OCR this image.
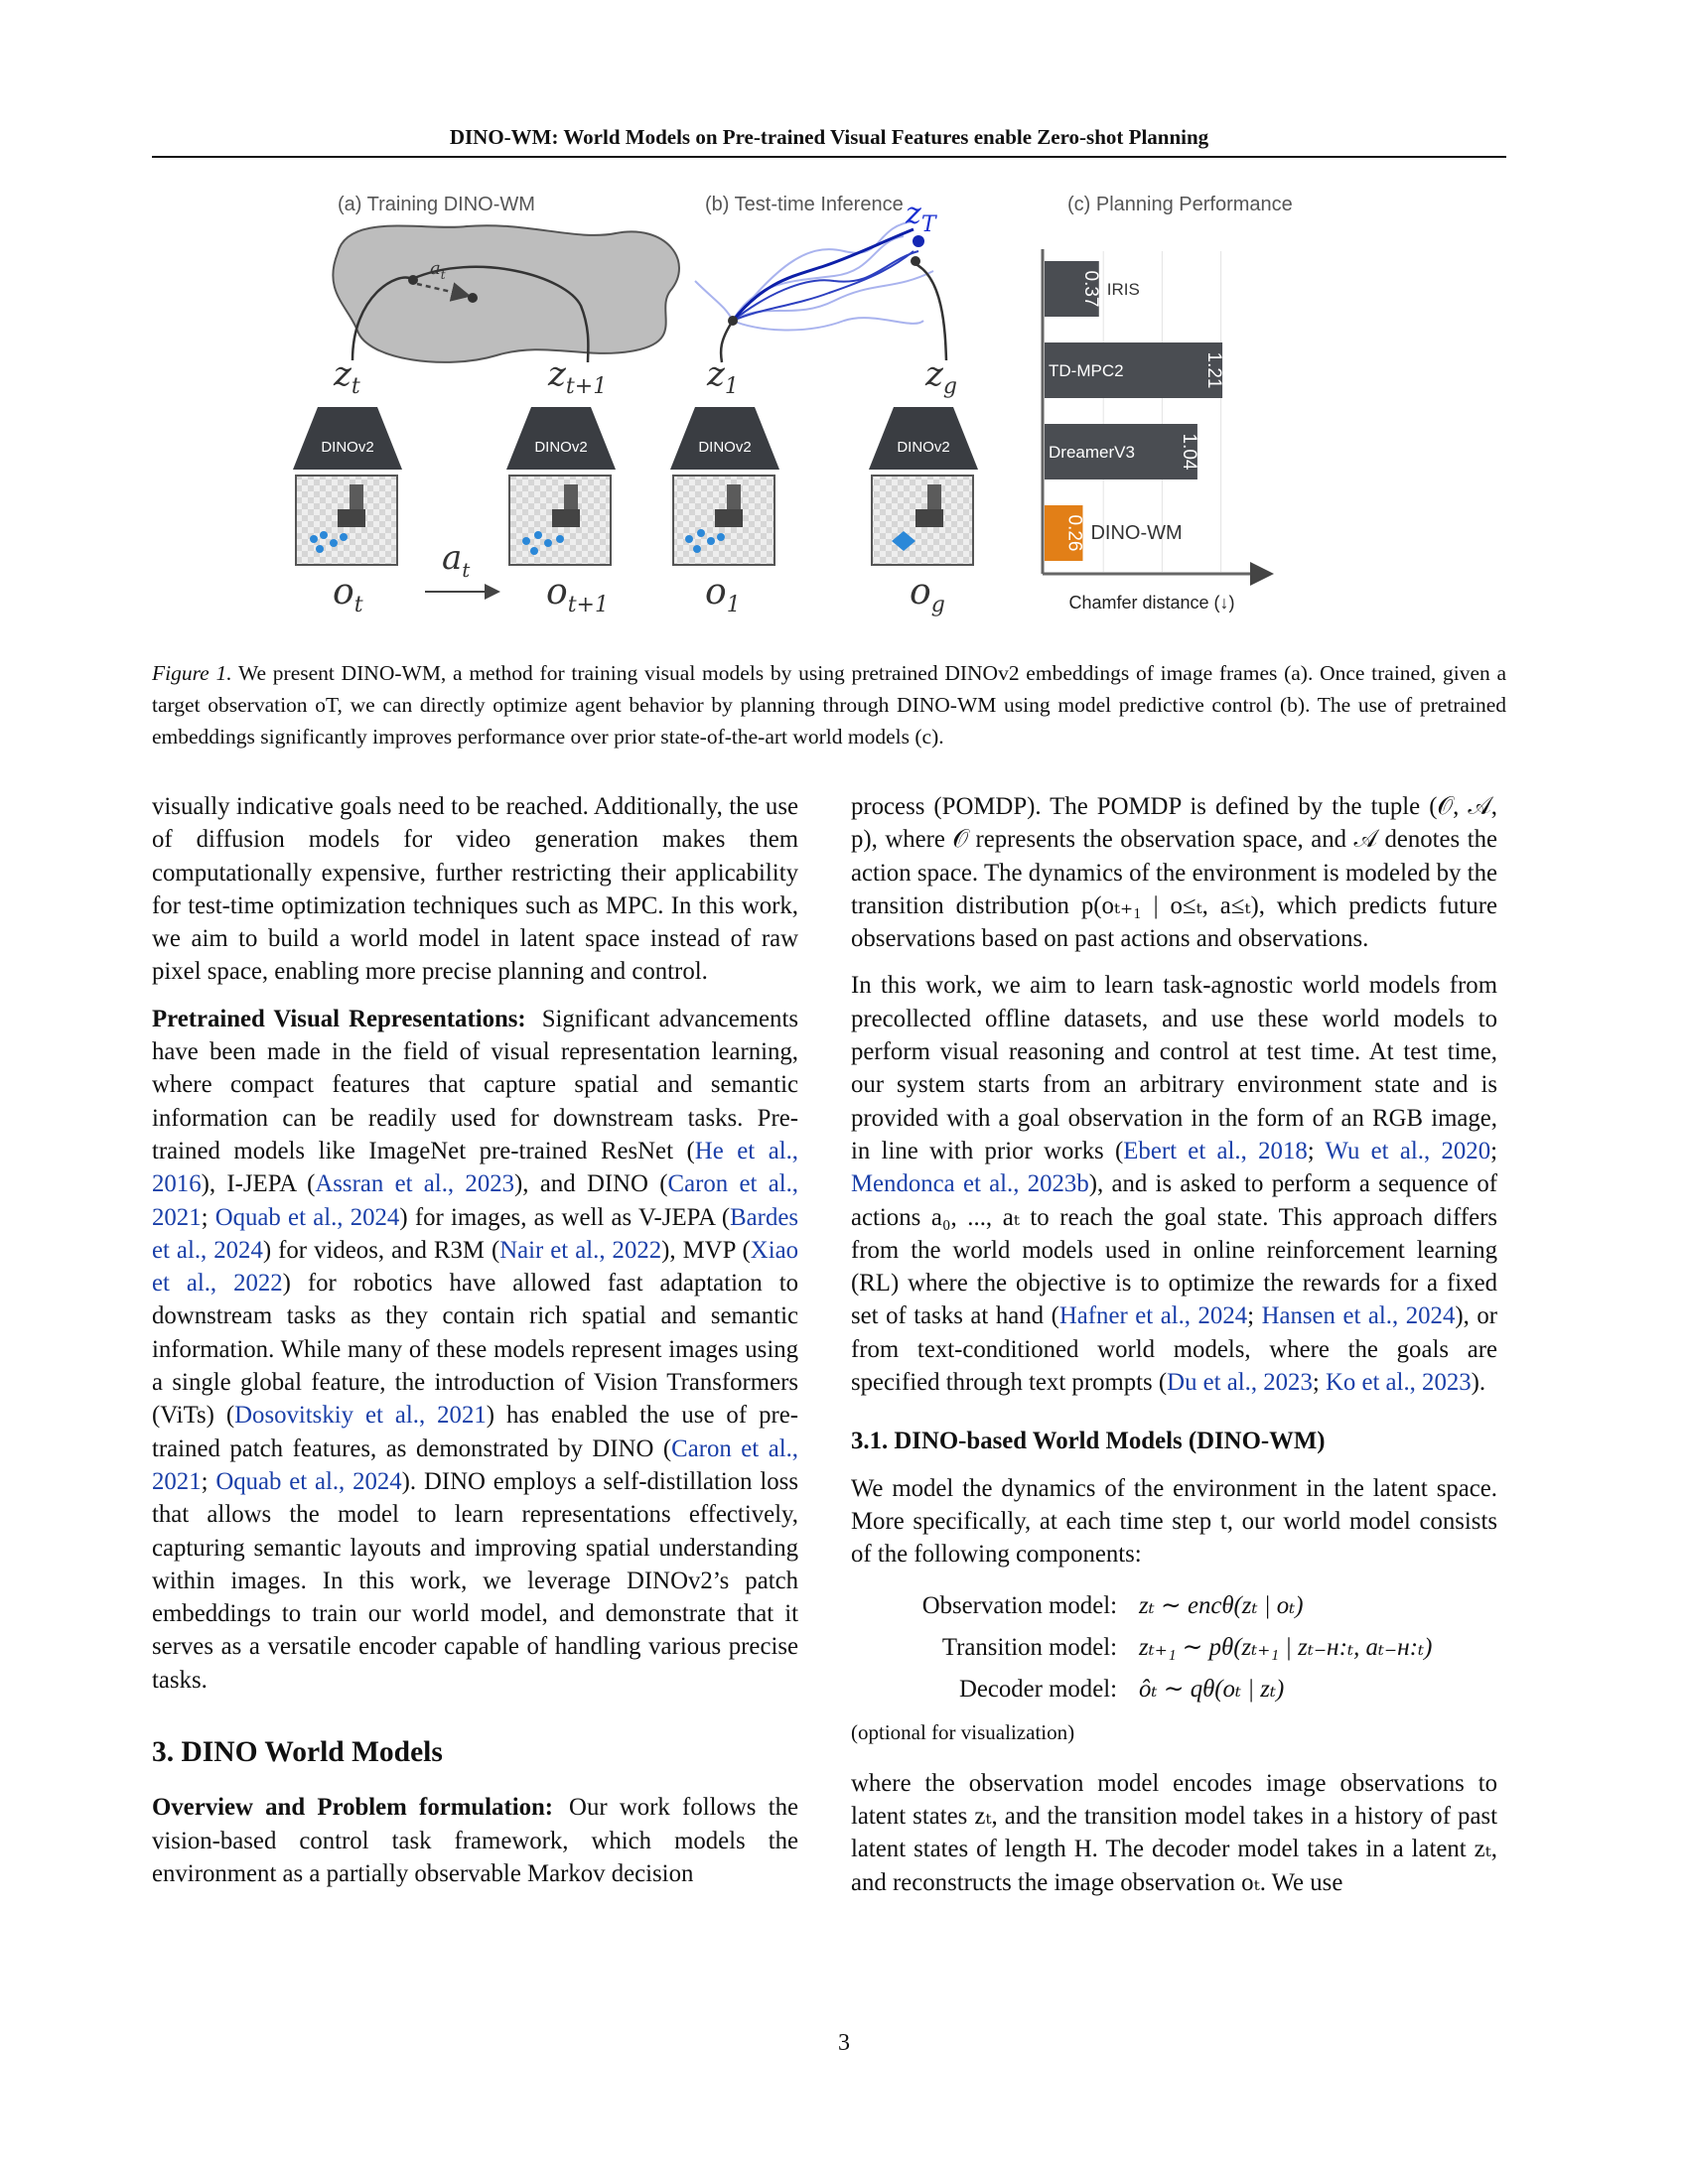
DINO-WM: World Models on Pre-trained Visual Features enable Zero-shot Planning
(a) Training DINO-WM
$a_t$
$z_t$	$z_{t+1}$
DINOv2	DINOv2
$o_t$	$o_{t+1}$
$a_t$
(b) Test-time Inference $z_T$
$z_1$	$z_g$
DINOv2	DINOv2
$o_1$	$o_g$
(c) Planning Performance
Chamfer distance (↓)
IRIS
0.37
TD-MPC2	1.21
DreamerV3 1.04
DINO-WM
0.26
Figure 1. We present DINO-WM, a method for training visual models by using pretrained DINOv2 embeddings of image frames (a). Once trained, given a target observation oT, we can directly optimize agent behavior by planning through DINO-WM using model predictive control (b). The use of pretrained embeddings significantly improves performance over prior state-of-the-art world models (c).

visually indicative goals need to be reached. Additionally, the use of diffusion models for video generation makes them computationally expensive, further restricting their applicability for test-time optimization techniques such as MPC. In this work, we aim to build a world model in latent space instead of raw pixel space, enabling more precise planning and control.

Pretrained Visual Representations: Significant advancements have been made in the field of visual representation learning, where compact features that capture spatial and semantic information can be readily used for downstream tasks. Pre-trained models like ImageNet pre-trained ResNet (He et al., 2016), I-JEPA (Assran et al., 2023), and DINO (Caron et al., 2021; Oquab et al., 2024) for images, as well as V-JEPA (Bardes et al., 2024) for videos, and R3M (Nair et al., 2022), MVP (Xiao et al., 2022) for robotics have allowed fast adaptation to downstream tasks as they contain rich spatial and semantic information. While many of these models represent images using a single global feature, the introduction of Vision Transformers (ViTs) (Dosovitskiy et al., 2021) has enabled the use of pre-trained patch features, as demonstrated by DINO (Caron et al., 2021; Oquab et al., 2024). DINO employs a self-distillation loss that allows the model to learn representations effectively, capturing semantic layouts and improving spatial understanding within images. In this work, we leverage DINOv2’s patch embeddings to train our world model, and demonstrate that it serves as a versatile encoder capable of handling various precise tasks.

3. DINO World Models

Overview and Problem formulation: Our work follows the vision-based control task framework, which models the environment as a partially observable Markov decision

process (POMDP). The POMDP is defined by the tuple (𝒪, 𝒜, p), where 𝒪 represents the observation space, and 𝒜 denotes the action space. The dynamics of the environment is modeled by the transition distribution p(oₜ₊₁ | o≤ₜ, a≤ₜ), which predicts future observations based on past actions and observations.

In this work, we aim to learn task-agnostic world models from precollected offline datasets, and use these world models to perform visual reasoning and control at test time. At test time, our system starts from an arbitrary environment state and is provided with a goal observation in the form of an RGB image, in line with prior works (Ebert et al., 2018; Wu et al., 2020; Mendonca et al., 2023b), and is asked to perform a sequence of actions a₀, ..., aₜ to reach the goal state. This approach differs from the world models used in online reinforcement learning (RL) where the objective is to optimize the rewards for a fixed set of tasks at hand (Hafner et al., 2024; Hansen et al., 2024), or from text-conditioned world models, where the goals are specified through text prompts (Du et al., 2023; Ko et al., 2023).

3.1. DINO-based World Models (DINO-WM)

We model the dynamics of the environment in the latent space. More specifically, at each time step t, our world model consists of the following components:

Observation model: zₜ ∼ encθ(zₜ | oₜ)
Transition model: zₜ₊₁ ∼ pθ(zₜ₊₁ | zₜ₋ʜ:ₜ, aₜ₋ʜ:ₜ)
Decoder model: ôₜ ∼ qθ(oₜ | zₜ)
(optional for visualization)

where the observation model encodes image observations to latent states zₜ, and the transition model takes in a history of past latent states of length H. The decoder model takes in a latent zₜ, and reconstructs the image observation oₜ. We use

3
